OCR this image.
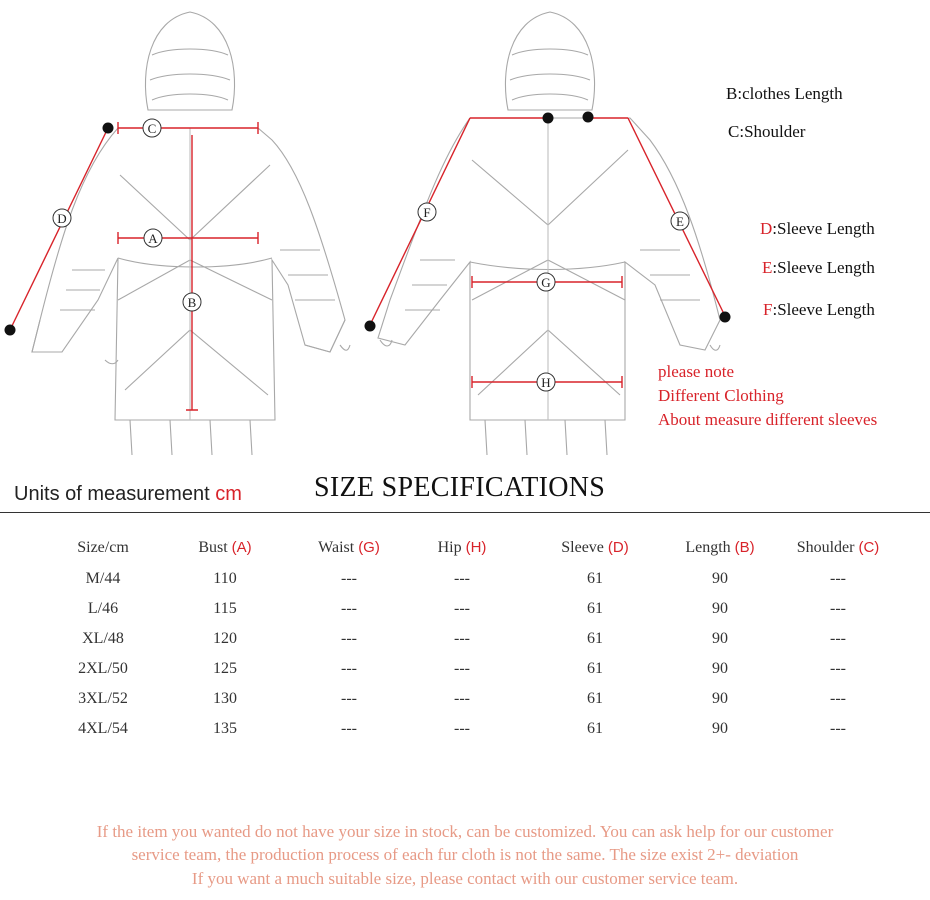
C
D
A
B
F
E
G
H
B:clothes Length
C:Shoulder
D:Sleeve Length
E:Sleeve Length
F:Sleeve Length
please note
Different Clothing
About measure different sleeves
Units of measurement cm	SIZE SPECIFICATIONS
Size/cm	Bust (A)	Waist (G)	Hip (H)	Sleeve (D)	Length (B)	Shoulder (C)
M/44	110	---	---	61	90	---
L/46	115	---	---	61	90	---
XL/48	120	---	---	61	90	---
2XL/50	125	---	---	61	90	---
3XL/52	130	---	---	61	90	---
4XL/54	135	---	---	61	90	---
If the item you wanted do not have your size in stock, can be customized. You can ask help for our customer
service team, the production process of each fur cloth is not the same. The size exist 2+- deviation
If you want a much suitable size, please contact with our customer service team.
